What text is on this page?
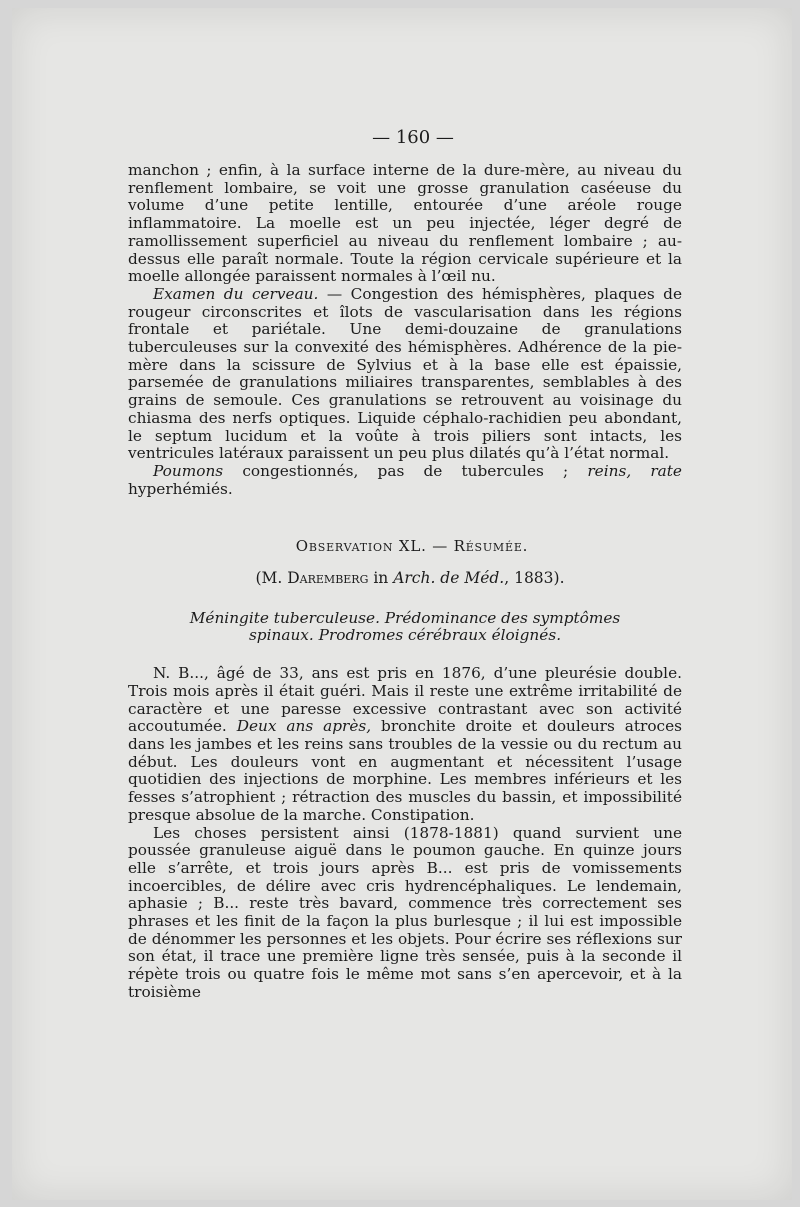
— 160 —

manchon ; enfin, à la surface interne de la dure-mère, au niveau du renflement lombaire, se voit une grosse granulation caséeuse du volume d’une petite lentille, entourée d’une aréole rouge inflammatoire. La moelle est un peu injectée, léger degré de ramollissement superficiel au niveau du renflement lombaire ; au-dessus elle paraît normale. Toute la région cervicale supérieure et la moelle allongée paraissent normales à l’œil nu.

Examen du cerveau. — Congestion des hémisphères, plaques de rougeur circonscrites et îlots de vascularisation dans les régions frontale et pariétale. Une demi-douzaine de granulations tuberculeuses sur la convexité des hémisphères. Adhérence de la pie-mère dans la scissure de Sylvius et à la base elle est épaissie, parsemée de granulations miliaires transparentes, semblables à des grains de semoule. Ces granulations se retrouvent au voisinage du chiasma des nerfs optiques. Liquide céphalo-rachidien peu abondant, le septum lucidum et la voûte à trois piliers sont intacts, les ventricules latéraux paraissent un peu plus dilatés qu’à l’état normal.

Poumons congestionnés, pas de tubercules ; reins, rate hyperhémiés.

Observation XL. — Résumée.
(M. Daremberg in Arch. de Méd., 1883).
Méningite tuberculeuse. Prédominance des symptômes spinaux. Prodromes cérébraux éloignés.

N. B..., âgé de 33, ans est pris en 1876, d’une pleurésie double. Trois mois après il était guéri. Mais il reste une extrême irritabilité de caractère et une paresse excessive contrastant avec son activité accoutumée. Deux ans après, bronchite droite et douleurs atroces dans les jambes et les reins sans troubles de la vessie ou du rectum au début. Les douleurs vont en augmentant et nécessitent l’usage quotidien des injections de morphine. Les membres inférieurs et les fesses s’atrophient ; rétraction des muscles du bassin, et impossibilité presque absolue de la marche. Constipation.

Les choses persistent ainsi (1878-1881) quand survient une poussée granuleuse aiguë dans le poumon gauche. En quinze jours elle s’arrête, et trois jours après B... est pris de vomissements incoercibles, de délire avec cris hydrencéphaliques. Le lendemain, aphasie ; B... reste très bavard, commence très correctement ses phrases et les finit de la façon la plus burlesque ; il lui est impossible de dénommer les personnes et les objets. Pour écrire ses réflexions sur son état, il trace une première ligne très sensée, puis à la seconde il répète trois ou quatre fois le même mot sans s’en apercevoir, et à la troisième
